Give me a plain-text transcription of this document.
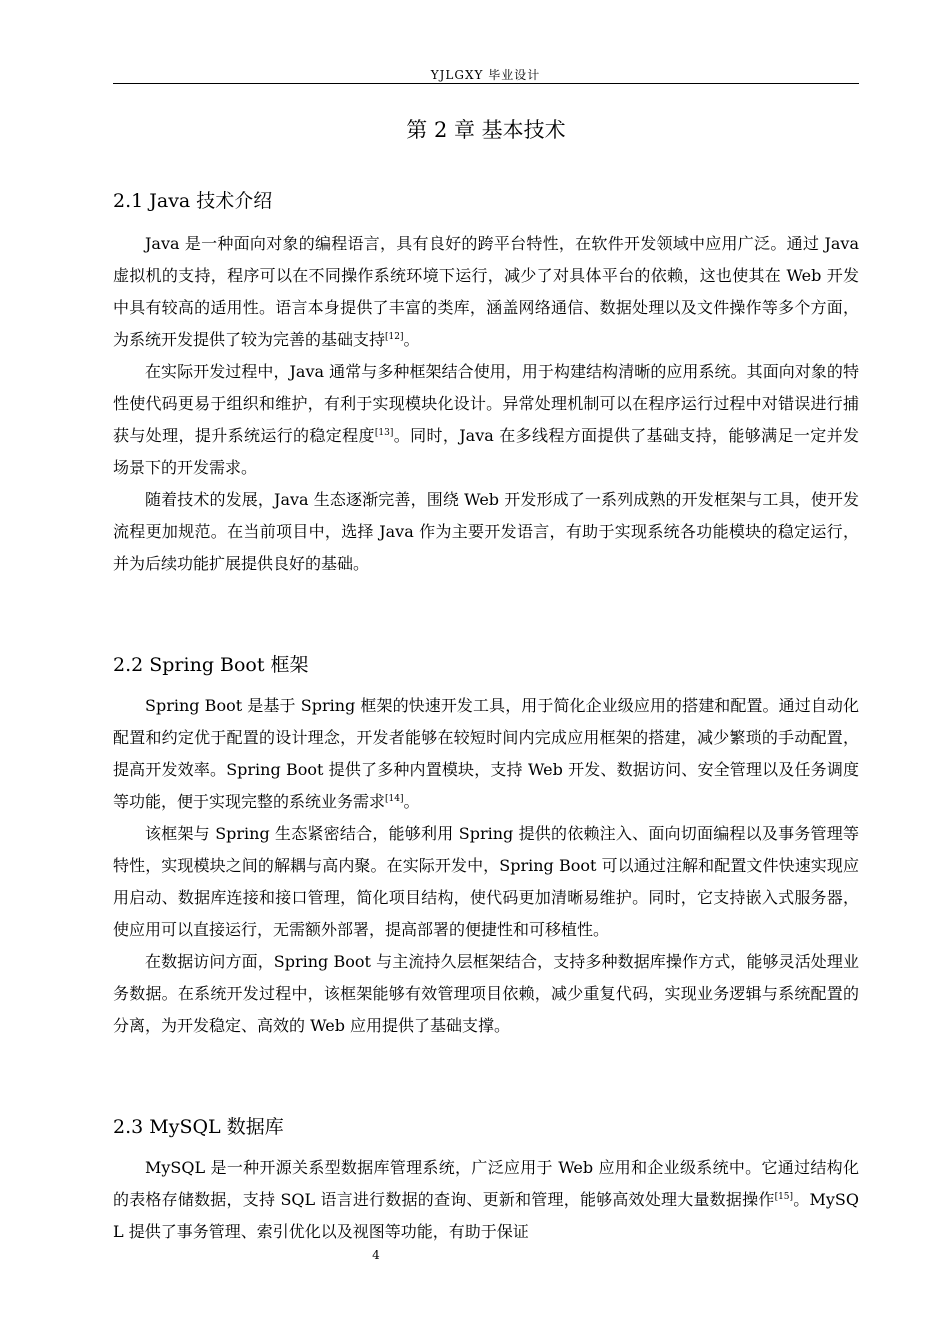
YJLGXY 毕业设计
第 2 章 基本技术
2.1 Java 技术介绍

Java 是一种面向对象的编程语言，具有良好的跨平台特性，在软件开发领域中应用广泛。通过 Java 虚拟机的支持，程序可以在不同操作系统环境下运行，减少了对具体平台的依赖，这也使其在 Web 开发中具有较高的适用性。语言本身提供了丰富的类库，涵盖网络通信、数据处理以及文件操作等多个方面，为系统开发提供了较为完善的基础支持[12]。

在实际开发过程中，Java 通常与多种框架结合使用，用于构建结构清晰的应用系统。其面向对象的特性使代码更易于组织和维护，有利于实现模块化设计。异常处理机制可以在程序运行过程中对错误进行捕获与处理，提升系统运行的稳定程度[13]。同时，Java 在多线程方面提供了基础支持，能够满足一定并发场景下的开发需求。

随着技术的发展，Java 生态逐渐完善，围绕 Web 开发形成了一系列成熟的开发框架与工具，使开发流程更加规范。在当前项目中，选择 Java 作为主要开发语言，有助于实现系统各功能模块的稳定运行，并为后续功能扩展提供良好的基础。

2.2 Spring Boot 框架

Spring Boot 是基于 Spring 框架的快速开发工具，用于简化企业级应用的搭建和配置。通过自动化配置和约定优于配置的设计理念，开发者能够在较短时间内完成应用框架的搭建，减少繁琐的手动配置，提高开发效率。Spring Boot 提供了多种内置模块，支持 Web 开发、数据访问、安全管理以及任务调度等功能，便于实现完整的系统业务需求[14]。

该框架与 Spring 生态紧密结合，能够利用 Spring 提供的依赖注入、面向切面编程以及事务管理等特性，实现模块之间的解耦与高内聚。在实际开发中，Spring Boot 可以通过注解和配置文件快速实现应用启动、数据库连接和接口管理，简化项目结构，使代码更加清晰易维护。同时，它支持嵌入式服务器，使应用可以直接运行，无需额外部署，提高部署的便捷性和可移植性。

在数据访问方面，Spring Boot 与主流持久层框架结合，支持多种数据库操作方式，能够灵活处理业务数据。在系统开发过程中，该框架能够有效管理项目依赖，减少重复代码，实现业务逻辑与系统配置的分离，为开发稳定、高效的 Web 应用提供了基础支撑。

2.3 MySQL 数据库

MySQL 是一种开源关系型数据库管理系统，广泛应用于 Web 应用和企业级系统中。它通过结构化的表格存储数据，支持 SQL 语言进行数据的查询、更新和管理，能够高效处理大量数据操作[15]。MySQL 提供了事务管理、索引优化以及视图等功能，有助于保证

4
